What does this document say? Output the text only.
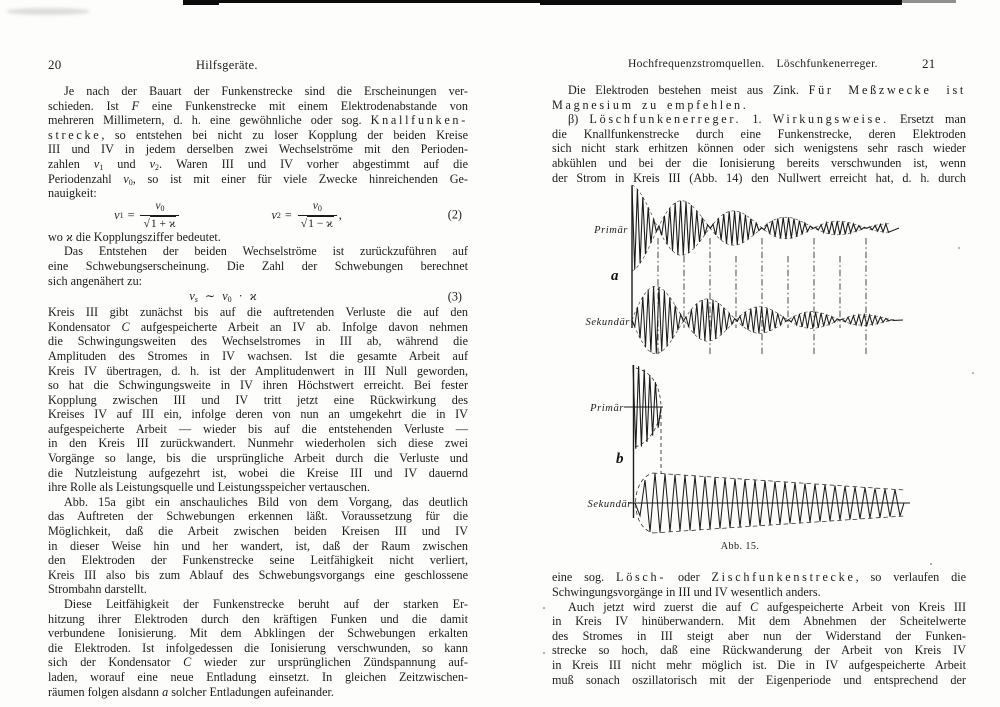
20	Hilfsgeräte.	Hochfrequenzstromquellen. Löschfunkenerreger.	21
Je nach der Bauart der Funkenstrecke sind die Erscheinungen ver-
schieden. Ist F eine Funkenstrecke mit einem Elektrodenabstande von
mehreren Millimetern, d. h. eine gewöhnliche oder sog. Knallfunken-
strecke, so entstehen bei nicht zu loser Kopplung der beiden Kreise
III und IV in jedem derselben zwei Wechselströme mit den Perioden-
zahlen ν1 und ν2. Waren III und IV vorher abgestimmt auf die
Periodenzahl ν0, so ist mit einer für viele Zwecke hinreichenden Ge-
nauigkeit:
ν $1 = \frac{\nu 0}{√1 + ϰ}$	ν $2 = \frac{\nu 0}{√1 - ϰ}$ ,	(2)
wo ϰ die Kopplungsziffer bedeutet.
Das Entstehen der beiden Wechselströme ist zurückzuführen auf
eine Schwebungserscheinung. Die Zahl der Schwebungen berechnet
sich angenähert zu:
νs ∼ ν0 · ϰ	(3)
Kreis III gibt zunächst bis auf die auftretenden Verluste die auf den
Kondensator C aufgespeicherte Arbeit an IV ab. Infolge davon nehmen
die Schwingungsweiten des Wechselstromes in III ab, während die
Amplituden des Stromes in IV wachsen. Ist die gesamte Arbeit auf
Kreis IV übertragen, d. h. ist der Amplitudenwert in III Null geworden,
so hat die Schwingungsweite in IV ihren Höchstwert erreicht. Bei fester
Kopplung zwischen III und IV tritt jetzt eine Rückwirkung des
Kreises IV auf III ein, infolge deren von nun an umgekehrt die in IV
aufgespeicherte Arbeit — wieder bis auf die entstehenden Verluste —
in den Kreis III zurückwandert. Nunmehr wiederholen sich diese zwei
Vorgänge so lange, bis die ursprüngliche Arbeit durch die Verluste und
die Nutzleistung aufgezehrt ist, wobei die Kreise III und IV dauernd
ihre Rolle als Leistungsquelle und Leistungsspeicher vertauschen.
Abb. 15a gibt ein anschauliches Bild von dem Vorgang, das deutlich
das Auftreten der Schwebungen erkennen läßt. Voraussetzung für die
Möglichkeit, daß die Arbeit zwischen beiden Kreisen III und IV
in dieser Weise hin und her wandert, ist, daß der Raum zwischen
den Elektroden der Funkenstrecke seine Leitfähigkeit nicht verliert,
Kreis III also bis zum Ablauf des Schwebungsvorgangs eine geschlossene
Strombahn darstellt.
Diese Leitfähigkeit der Funkenstrecke beruht auf der starken Er-
hitzung ihrer Elektroden durch den kräftigen Funken und die damit
verbundene Ionisierung. Mit dem Abklingen der Schwebungen erkalten
die Elektroden. Ist infolgedessen die Ionisierung verschwunden, so kann
sich der Kondensator C wieder zur ursprünglichen Zündspannung auf-
laden, worauf eine neue Entladung einsetzt. In gleichen Zeitzwischen-
räumen folgen alsdann a solcher Entladungen aufeinander.
Die Elektroden bestehen meist aus Zink. Für Meßzwecke ist
Magnesium zu empfehlen.
β) Löschfunkenerreger. 1. Wirkungsweise. Ersetzt man
die Knallfunkenstrecke durch eine Funkenstrecke, deren Elektroden
sich nicht stark erhitzen können oder sich wenigstens sehr rasch wieder
abkühlen und bei der die Ionisierung bereits verschwunden ist, wenn
der Strom in Kreis III (Abb. 14) den Nullwert erreicht hat, d. h. durch
eine sog. Lösch- oder Zischfunkenstrecke, so verlaufen die
Schwingungsvorgänge in III und IV wesentlich anders.
Auch jetzt wird zuerst die auf C aufgespeicherte Arbeit von Kreis III
in Kreis IV hinüberwandern. Mit dem Abnehmen der Scheitelwerte
des Stromes in III steigt aber nun der Widerstand der Funken-
strecke so hoch, daß eine Rückwanderung der Arbeit von Kreis IV
in Kreis III nicht mehr möglich ist. Die in IV aufgespeicherte Arbeit
muß sonach oszillatorisch mit der Eigenperiode und entsprechend der
Primär
a
Sekundär
Primär
b
Sekundär
Abb. 15.
